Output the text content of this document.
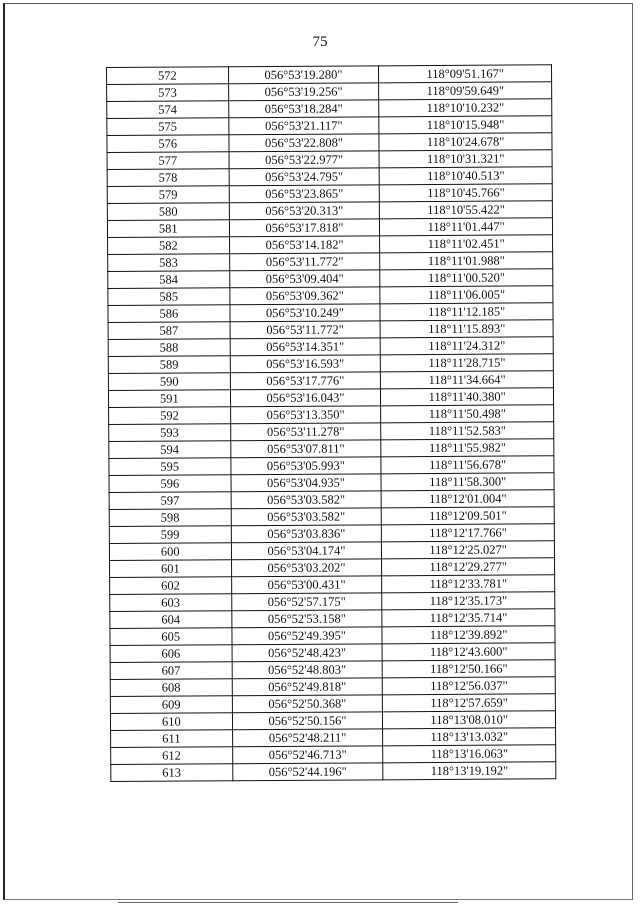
75
572	056°53'19.280"	118°09'51.167"
573	056°53'19.256"	118°09'59.649"
574	056°53'18.284"	118°10'10.232"
575	056°53'21.117"	118°10'15.948"
576	056°53'22.808"	118°10'24.678"
577	056°53'22.977"	118°10'31.321"
578	056°53'24.795"	118°10'40.513"
579	056°53'23.865"	118°10'45.766"
580	056°53'20.313"	118°10'55.422"
581	056°53'17.818"	118°11'01.447"
582	056°53'14.182"	118°11'02.451"
583	056°53'11.772"	118°11'01.988"
584	056°53'09.404"	118°11'00.520"
585	056°53'09.362"	118°11'06.005"
586	056°53'10.249"	118°11'12.185"
587	056°53'11.772"	118°11'15.893"
588	056°53'14.351"	118°11'24.312"
589	056°53'16.593"	118°11'28.715"
590	056°53'17.776"	118°11'34.664"
591	056°53'16.043"	118°11'40.380"
592	056°53'13.350"	118°11'50.498"
593	056°53'11.278"	118°11'52.583"
594	056°53'07.811"	118°11'55.982"
595	056°53'05.993"	118°11'56.678"
596	056°53'04.935"	118°11'58.300"
597	056°53'03.582"	118°12'01.004"
598	056°53'03.582"	118°12'09.501"
599	056°53'03.836"	118°12'17.766"
600	056°53'04.174"	118°12'25.027"
601	056°53'03.202"	118°12'29.277"
602	056°53'00.431"	118°12'33.781"
603	056°52'57.175"	118°12'35.173"
604	056°52'53.158"	118°12'35.714"
605	056°52'49.395"	118°12'39.892"
606	056°52'48.423"	118°12'43.600"
607	056°52'48.803"	118°12'50.166"
608	056°52'49.818"	118°12'56.037"
609	056°52'50.368"	118°12'57.659"
610	056°52'50.156"	118°13'08.010"
611	056°52'48.211"	118°13'13.032"
612	056°52'46.713"	118°13'16.063"
613	056°52'44.196"	118°13'19.192"
